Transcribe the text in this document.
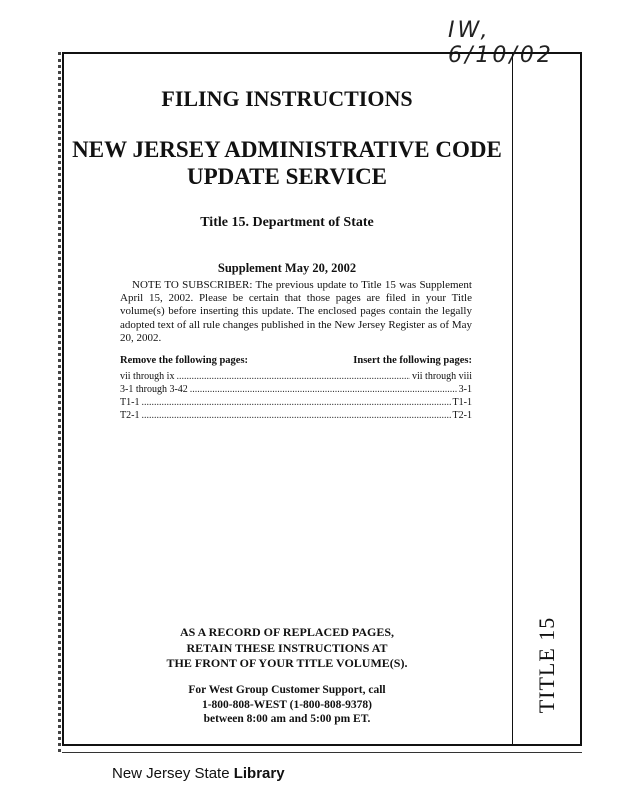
IW, 6/10/02
TITLE 15
FILING INSTRUCTIONS
NEW JERSEY ADMINISTRATIVE CODE
UPDATE SERVICE
Title 15. Department of State
Supplement May 20, 2002
NOTE TO SUBSCRIBER: The previous update to Title 15 was Supplement April 15, 2002. Please be certain that those pages are filed in your Title volume(s) before inserting this update. The enclosed pages contain the legally adopted text of all rule changes published in the New Jersey Register as of May 20, 2002.
Remove the following pages:	Insert the following pages:
vii through ix .....	vii through viii
3-1 through 3-42 .....	3-1
T1-1 .....	T1-1
T2-1 .....	T2-1
AS A RECORD OF REPLACED PAGES,
RETAIN THESE INSTRUCTIONS AT
THE FRONT OF YOUR TITLE VOLUME(S).
For West Group Customer Support, call
1-800-808-WEST (1-800-808-9378)
between 8:00 am and 5:00 pm ET.
New Jersey State Library
